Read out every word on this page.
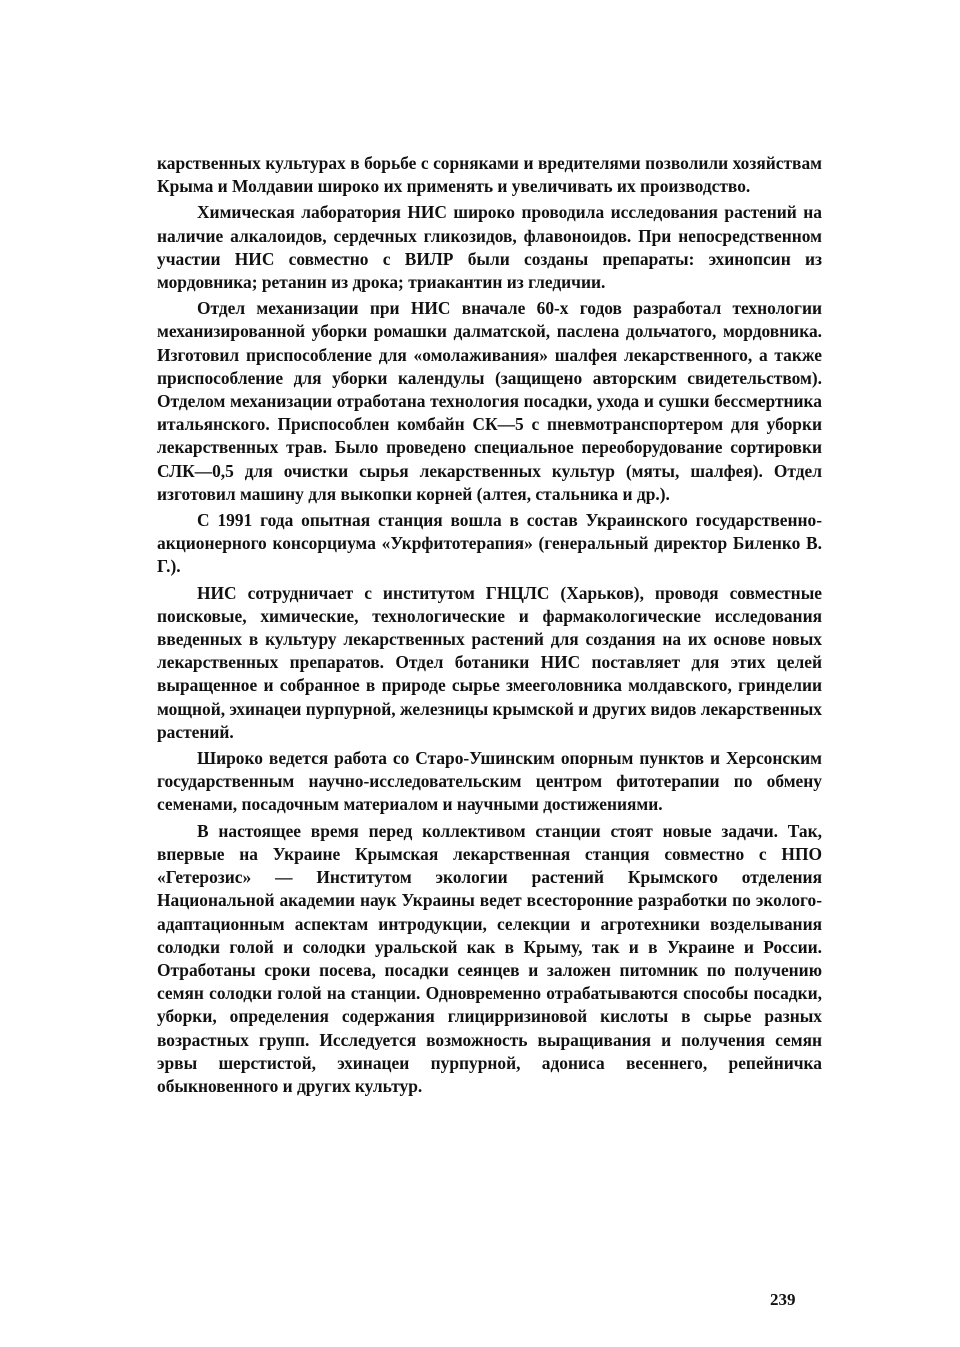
карственных культурах в борьбе с сорняками и вредителями позволили хозяйствам Крыма и Молдавии широко их применять и увеличивать их производство.

Химическая лаборатория НИС широко проводила исследования растений на наличие алкалоидов, сердечных гликозидов, флавоноидов. При непосредственном участии НИС совместно с ВИЛР были созданы препараты: эхинопсин из мордовника; ретанин из дрока; триакантин из гледичии.

Отдел механизации при НИС вначале 60-х годов разработал технологии механизированной уборки ромашки далматской, паслена дольчатого, мордовника. Изготовил приспособление для «омолаживания» шалфея лекарственного, а также приспособление для уборки календулы (защищено авторским свидетельством). Отделом механизации отработана технология посадки, ухода и сушки бессмертника итальянского. Приспособлен комбайн СК—5 с пневмотранспортером для уборки лекарственных трав. Было проведено специальное переоборудование сортировки СЛК—0,5 для очистки сырья лекарственных культур (мяты, шалфея). Отдел изготовил машину для выкопки корней (алтея, стальника и др.).

С 1991 года опытная станция вошла в состав Украинского государственно-акционерного консорциума «Укрфитотерапия» (генеральный директор Биленко В. Г.).

НИС сотрудничает с институтом ГНЦЛС (Харьков), проводя совместные поисковые, химические, технологические и фармакологические исследования введенных в культуру лекарственных растений для создания на их основе новых лекарственных препаратов. Отдел ботаники НИС поставляет для этих целей выращенное и собранное в природе сырье змееголовника молдавского, гринделии мощной, эхинацеи пурпурной, железницы крымской и других видов лекарственных растений.

Широко ведется работа со Старо-Ушинским опорным пунктов и Херсонским государственным научно-исследовательским центром фитотерапии по обмену семенами, посадочным материалом и научными достижениями.

В настоящее время перед коллективом станции стоят новые задачи. Так, впервые на Украине Крымская лекарственная станция совместно с НПО «Гетерозис» — Институтом экологии растений Крымского отделения Национальной академии наук Украины ведет всесторонние разработки по эколого-адаптационным аспектам интродукции, селекции и агротехники возделывания солодки голой и солодки уральской как в Крыму, так и в Украине и России. Отработаны сроки посева, посадки сеянцев и заложен питомник по получению семян солодки голой на станции. Одновременно отрабатываются способы посадки, уборки, определения содержания глицирризиновой кислоты в сырье разных возрастных групп. Исследуется возможность выращивания и получения семян эрвы шерстистой, эхинацеи пурпурной, адониса весеннего, репейничка обыкновенного и других культур.

239
